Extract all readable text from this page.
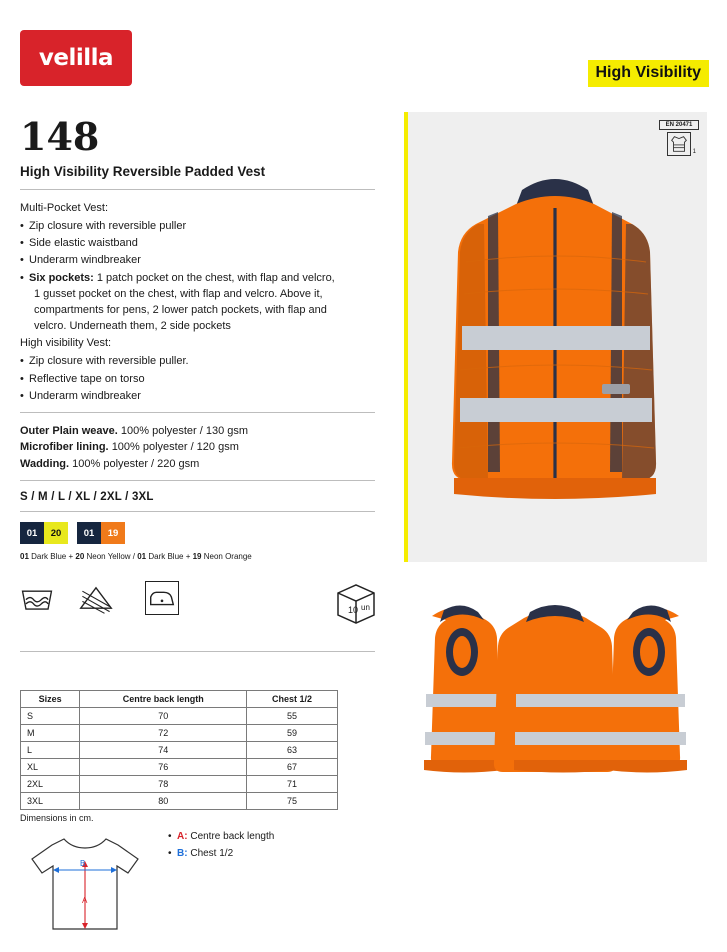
velilla
High Visibility
148
High Visibility Reversible Padded Vest
Multi-Pocket Vest:
• Zip closure with reversible puller
• Side elastic waistband
• Underarm windbreaker
• Six pockets: 1 patch pocket on the chest, with flap and velcro,
1 gusset pocket on the chest, with flap and velcro. Above it,
compartments for pens, 2 lower patch pockets, with flap and
velcro. Underneath them, 2 side pockets
High visibility Vest:
• Zip closure with reversible puller.
• Reflective tape on torso
• Underarm windbreaker
Outer Plain weave. 100% polyester / 130 gsm
Microfiber lining. 100% polyester / 120 gsm
Wadding. 100% polyester / 220 gsm
S / M / L / XL / 2XL / 3XL
01	20	01	19
01 Dark Blue + 20 Neon Yellow / 01 Dark Blue + 19 Neon Orange
10 un
Sizes	Centre back length	Chest 1/2
S	70	55
M	72	59
L	74	63
XL	76	67
2XL	78	71
3XL	80	75
Dimensions in cm.
A
B
• A: Centre back length
• B: Chest 1/2
EN 20471
1
